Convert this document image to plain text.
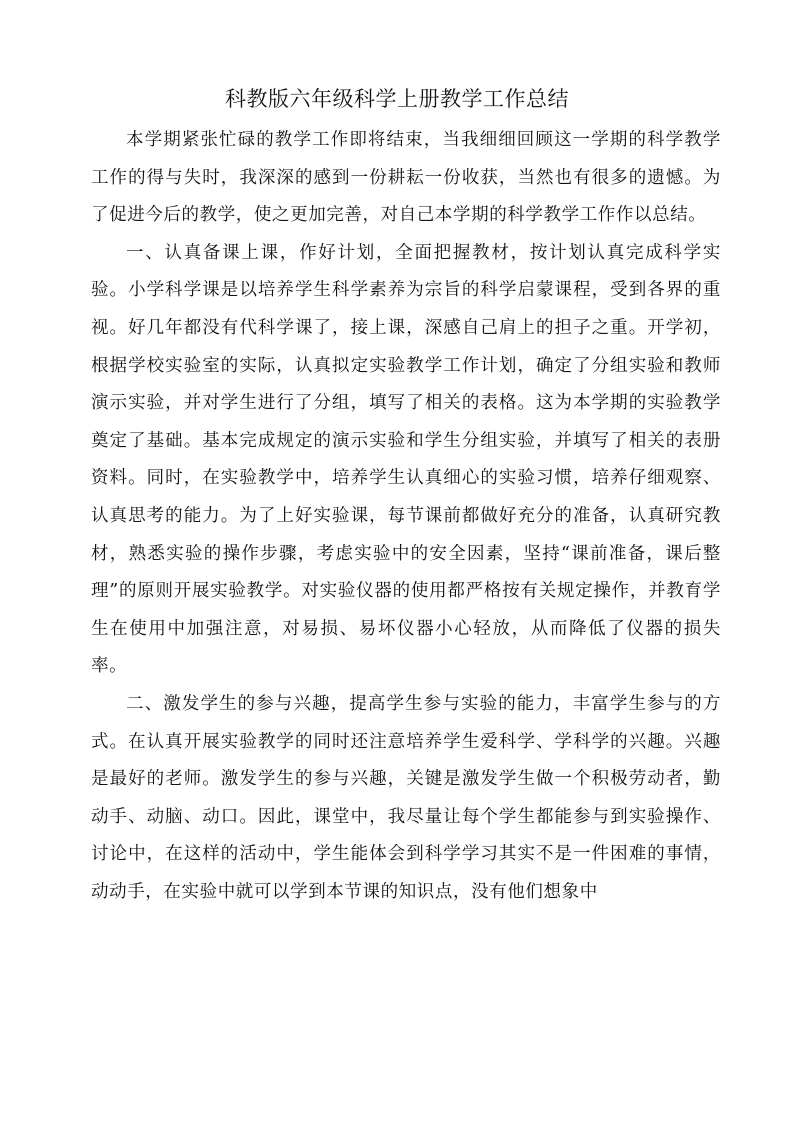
科教版六年级科学上册教学工作总结

本学期紧张忙碌的教学工作即将结束，当我细细回顾这一学期的科学教学工作的得与失时，我深深的感到一份耕耘一份收获，当然也有很多的遗憾。为了促进今后的教学，使之更加完善，对自己本学期的科学教学工作作以总结。

一、认真备课上课，作好计划，全面把握教材，按计划认真完成科学实验。小学科学课是以培养学生科学素养为宗旨的科学启蒙课程，受到各界的重视。好几年都没有代科学课了，接上课，深感自己肩上的担子之重。开学初，根据学校实验室的实际，认真拟定实验教学工作计划，确定了分组实验和教师演示实验，并对学生进行了分组，填写了相关的表格。这为本学期的实验教学奠定了基础。基本完成规定的演示实验和学生分组实验，并填写了相关的表册资料。同时，在实验教学中，培养学生认真细心的实验习惯，培养仔细观察、认真思考的能力。为了上好实验课，每节课前都做好充分的准备，认真研究教材，熟悉实验的操作步骤，考虑实验中的安全因素，坚持“课前准备，课后整理”的原则开展实验教学。对实验仪器的使用都严格按有关规定操作，并教育学生在使用中加强注意，对易损、易坏仪器小心轻放，从而降低了仪器的损失率。

二、激发学生的参与兴趣，提高学生参与实验的能力，丰富学生参与的方式。在认真开展实验教学的同时还注意培养学生爱科学、学科学的兴趣。兴趣是最好的老师。激发学生的参与兴趣，关键是激发学生做一个积极劳动者，勤动手、动脑、动口。因此，课堂中，我尽量让每个学生都能参与到实验操作、讨论中，在这样的活动中，学生能体会到科学学习其实不是一件困难的事情，动动手，在实验中就可以学到本节课的知识点，没有他们想象中
